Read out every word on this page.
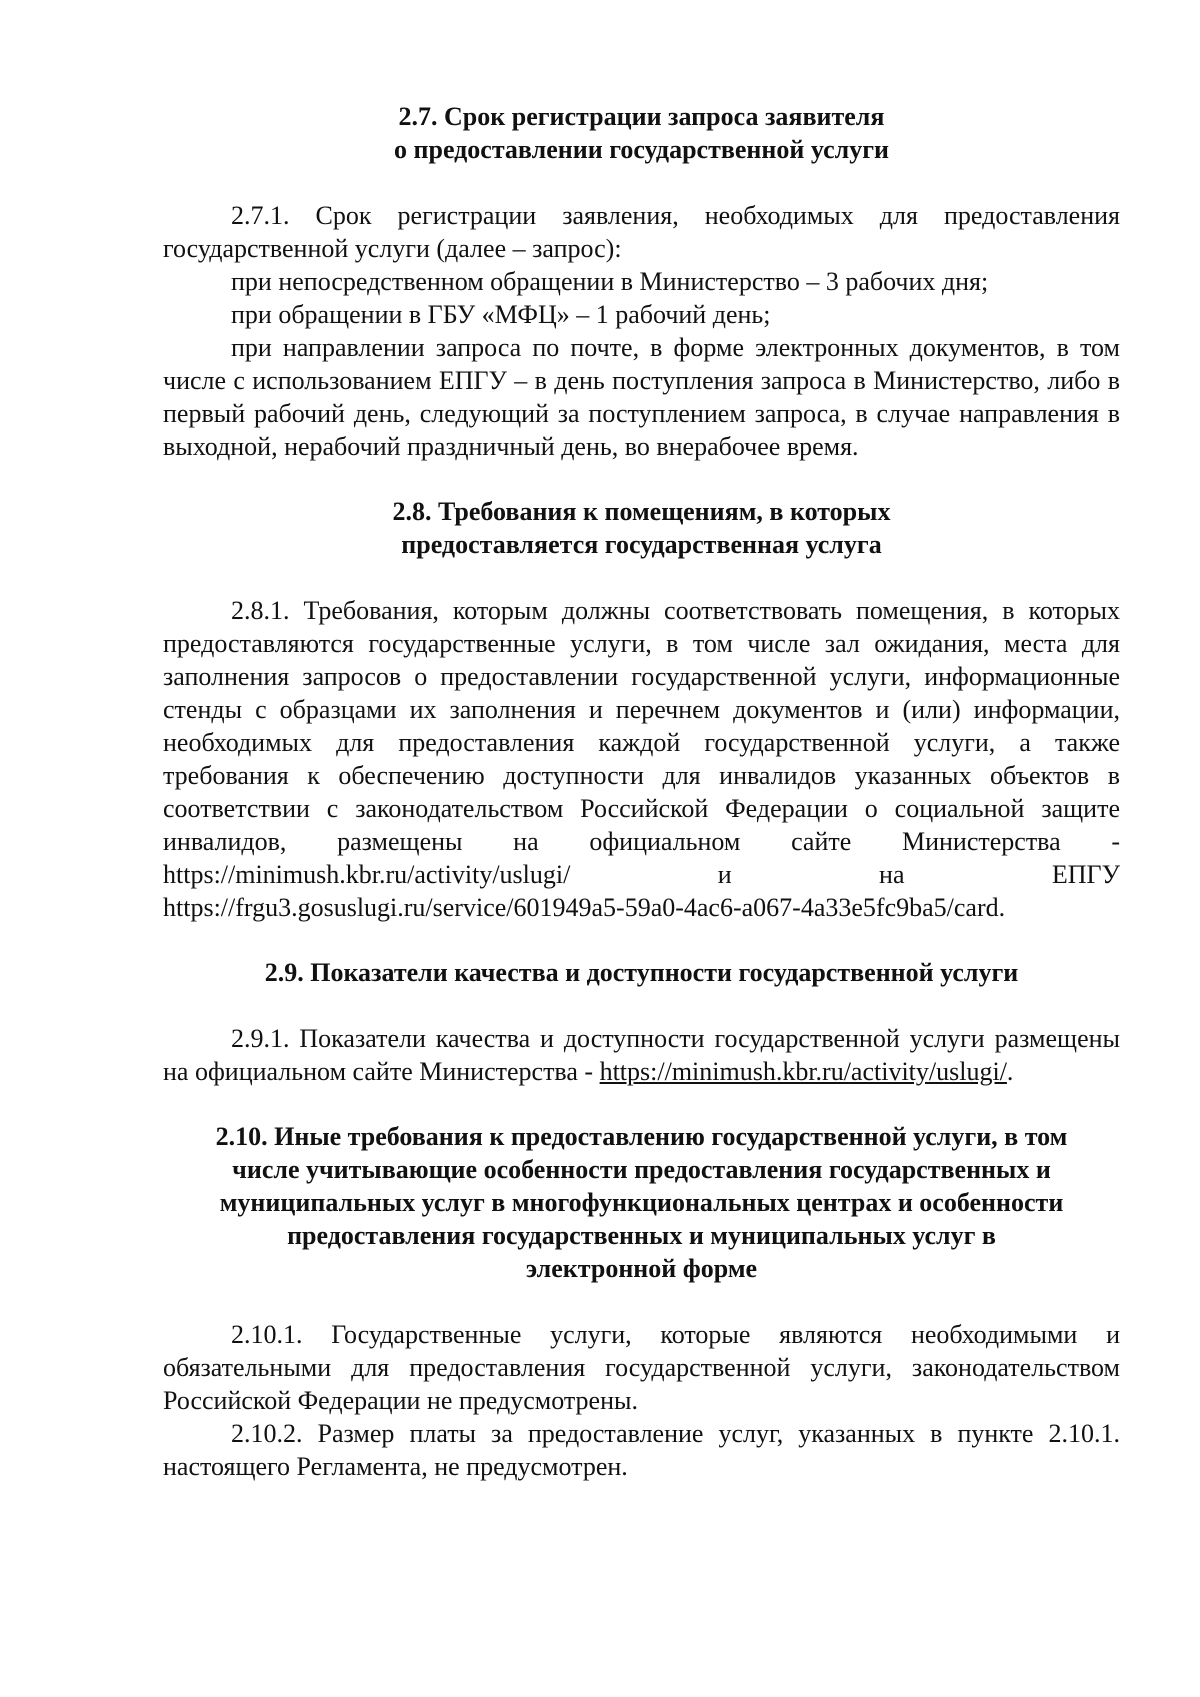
2.7. Срок регистрации запроса заявителя
о предоставлении государственной услуги

2.7.1. Срок регистрации заявления, необходимых для предоставления государственной услуги (далее – запрос):

при непосредственном обращении в Министерство – 3 рабочих дня;

при обращении в ГБУ «МФЦ» – 1 рабочий день;

при направлении запроса по почте, в форме электронных документов, в том числе с использованием ЕПГУ – в день поступления запроса в Министерство, либо в первый рабочий день, следующий за поступлением запроса, в случае направления в выходной, нерабочий праздничный день, во внерабочее время.

2.8. Требования к помещениям, в которых
предоставляется государственная услуга

2.8.1. Требования, которым должны соответствовать помещения, в которых предоставляются государственные услуги, в том числе зал ожидания, места для заполнения запросов о предоставлении государственной услуги, информационные стенды с образцами их заполнения и перечнем документов и (или) информации, необходимых для предоставления каждой государственной услуги, а также требования к обеспечению доступности для инвалидов указанных объектов в соответствии с законодательством Российской Федерации о социальной защите инвалидов, размещены на официальном сайте Министерства - https://minimush.kbr.ru/activity/uslugi/ и на ЕПГУ https://frgu3.gosuslugi.ru/service/601949a5-59a0-4ac6-a067-4a33e5fc9ba5/card.

2.9. Показатели качества и доступности государственной услуги

2.9.1. Показатели качества и доступности государственной услуги размещены на официальном сайте Министерства - https://minimush.kbr.ru/activity/uslugi/.

2.10. Иные требования к предоставлению государственной услуги, в том
числе учитывающие особенности предоставления государственных и
муниципальных услуг в многофункциональных центрах и особенности
предоставления государственных и муниципальных услуг в
электронной форме

2.10.1. Государственные услуги, которые являются необходимыми и обязательными для предоставления государственной услуги, законодательством Российской Федерации не предусмотрены.

2.10.2. Размер платы за предоставление услуг, указанных в пункте 2.10.1. настоящего Регламента, не предусмотрен.
